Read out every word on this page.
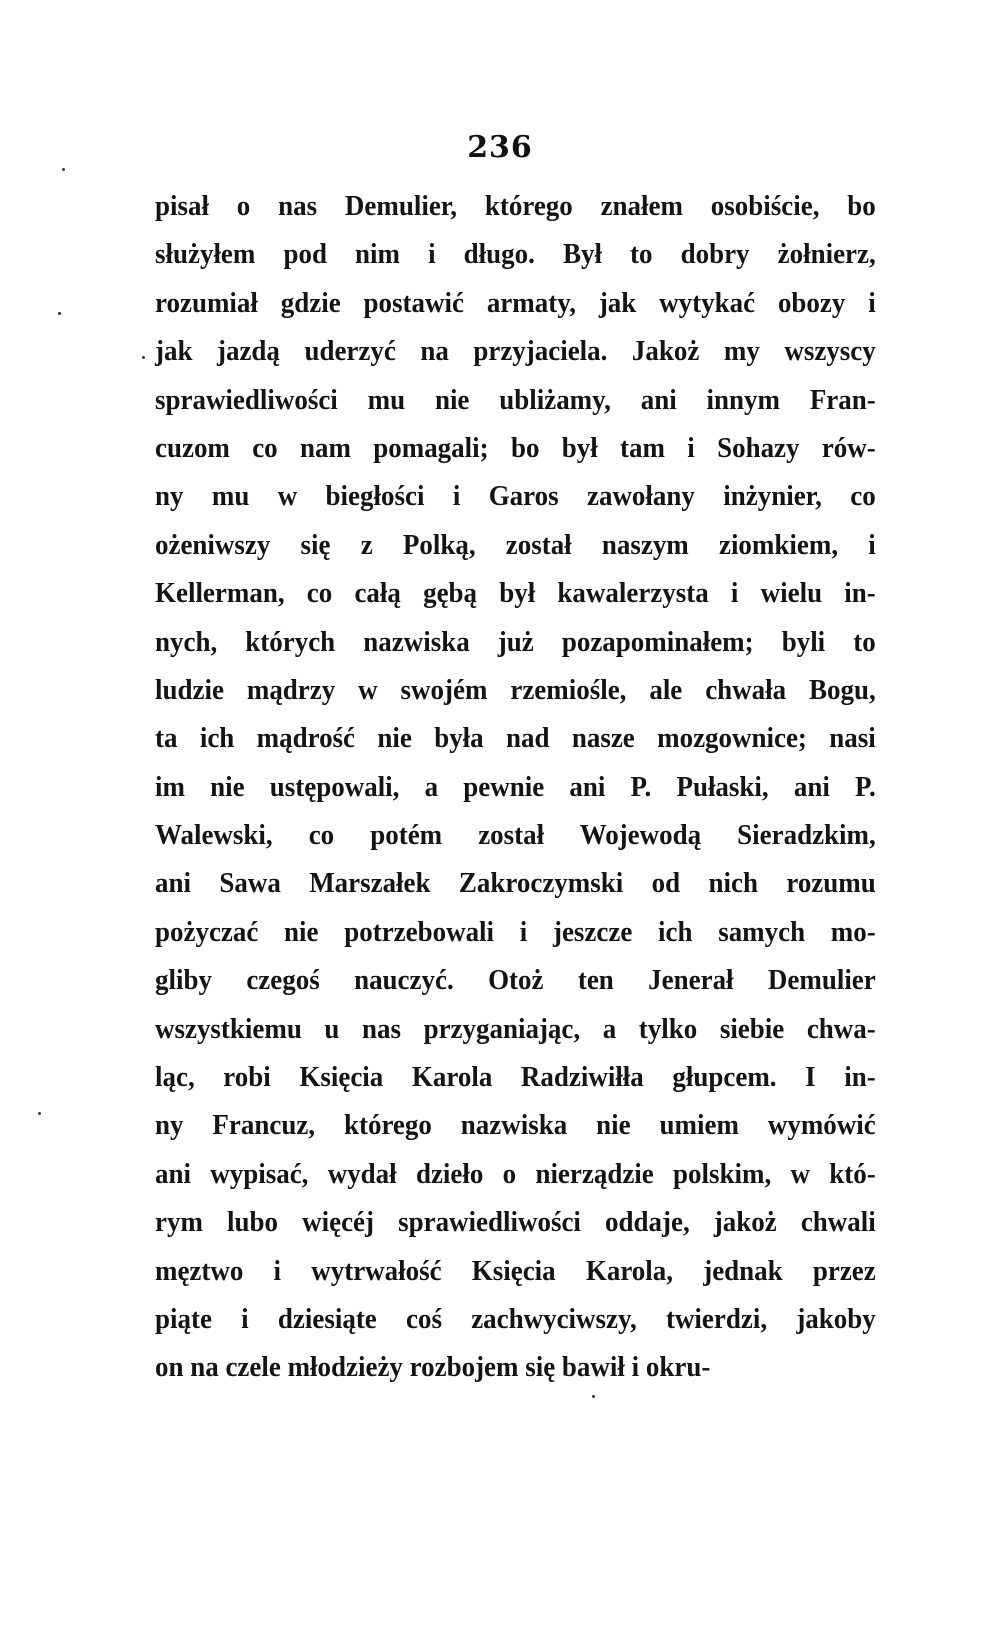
236
pisał o nas Demulier, którego znałem osobiście, bo
służyłem pod nim i długo. Był to dobry żołnierz,
rozumiał gdzie postawić armaty, jak wytykać obozy i
jak jazdą uderzyć na przyjaciela. Jakoż my wszyscy
sprawiedliwości mu nie ubliżamy, ani innym Fran-
cuzom co nam pomagali; bo był tam i Sohazy rów-
ny mu w biegłości i Garos zawołany inżynier, co
ożeniwszy się z Polką, został naszym ziomkiem, i
Kellerman, co całą gębą był kawalerzysta i wielu in-
nych, których nazwiska już pozapominałem; byli to
ludzie mądrzy w swojém rzemiośle, ale chwała Bogu,
ta ich mądrość nie była nad nasze mozgownice; nasi
im nie ustępowali, a pewnie ani P. Pułaski, ani P.
Walewski, co potém został Wojewodą Sieradzkim,
ani Sawa Marszałek Zakroczymski od nich rozumu
pożyczać nie potrzebowali i jeszcze ich samych mo-
gliby czegoś nauczyć. Otoż ten Jenerał Demulier
wszystkiemu u nas przyganiając, a tylko siebie chwa-
ląc, robi Księcia Karola Radziwiłła głupcem. I in-
ny Francuz, którego nazwiska nie umiem wymówić
ani wypisać, wydał dzieło o nierządzie polskim, w któ-
rym lubo więcéj sprawiedliwości oddaje, jakoż chwali
męztwo i wytrwałość Księcia Karola, jednak przez
piąte i dziesiąte coś zachwyciwszy, twierdzi, jakoby
on na czele młodzieży rozbojem się bawił i okru-
